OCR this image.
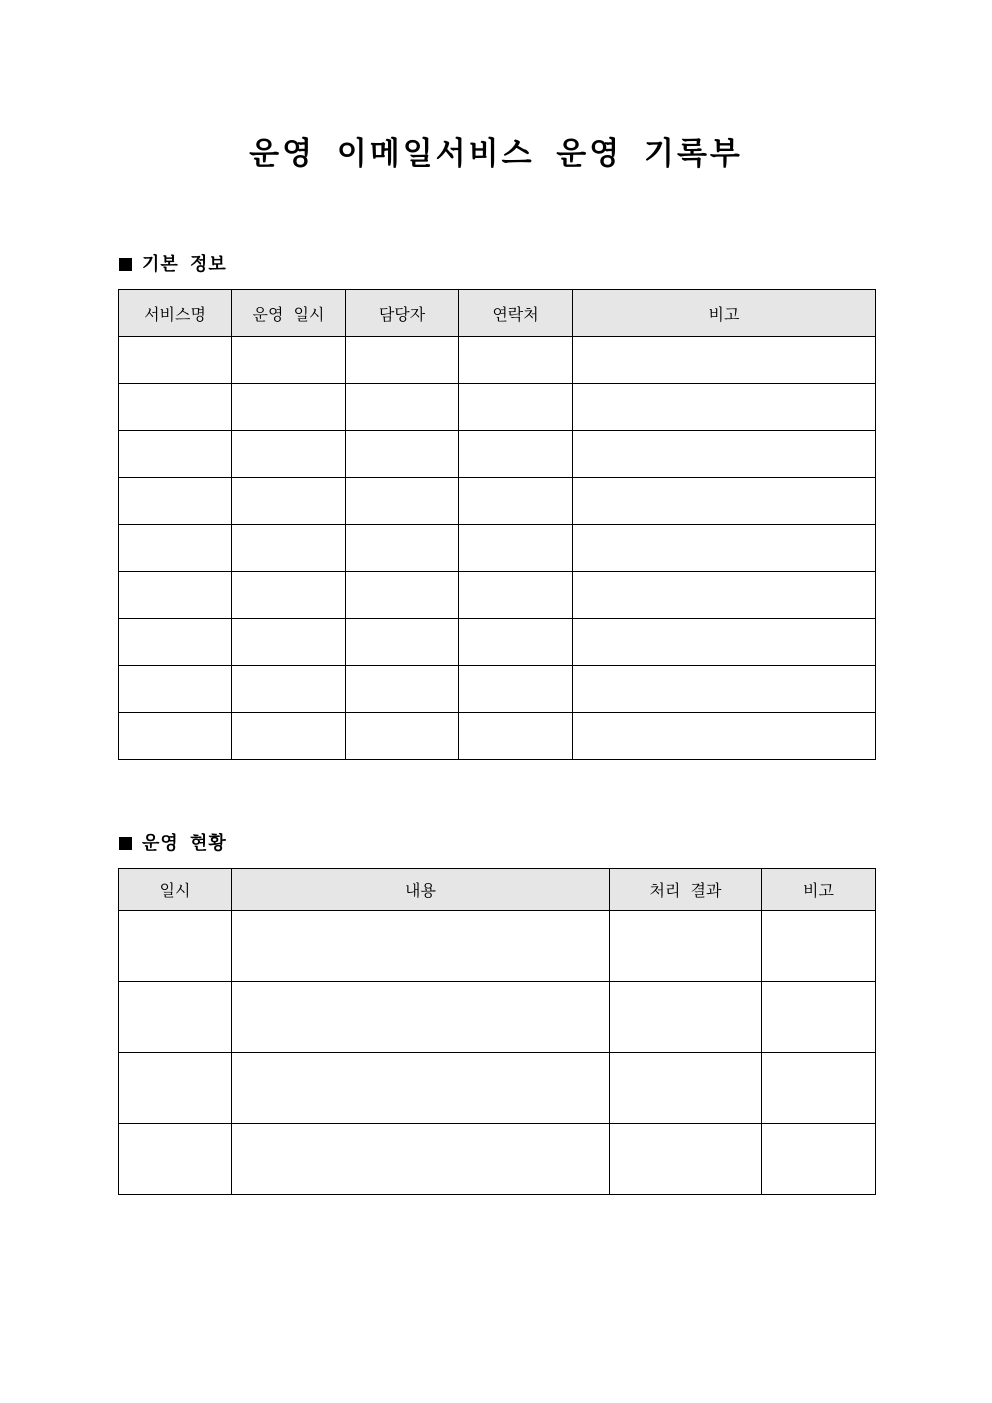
운영 이메일서비스 운영 기록부
기본 정보
서비스명	운영 일시	담당자	연락처	비고

운영 현황
일시	내용	처리 결과	비고
